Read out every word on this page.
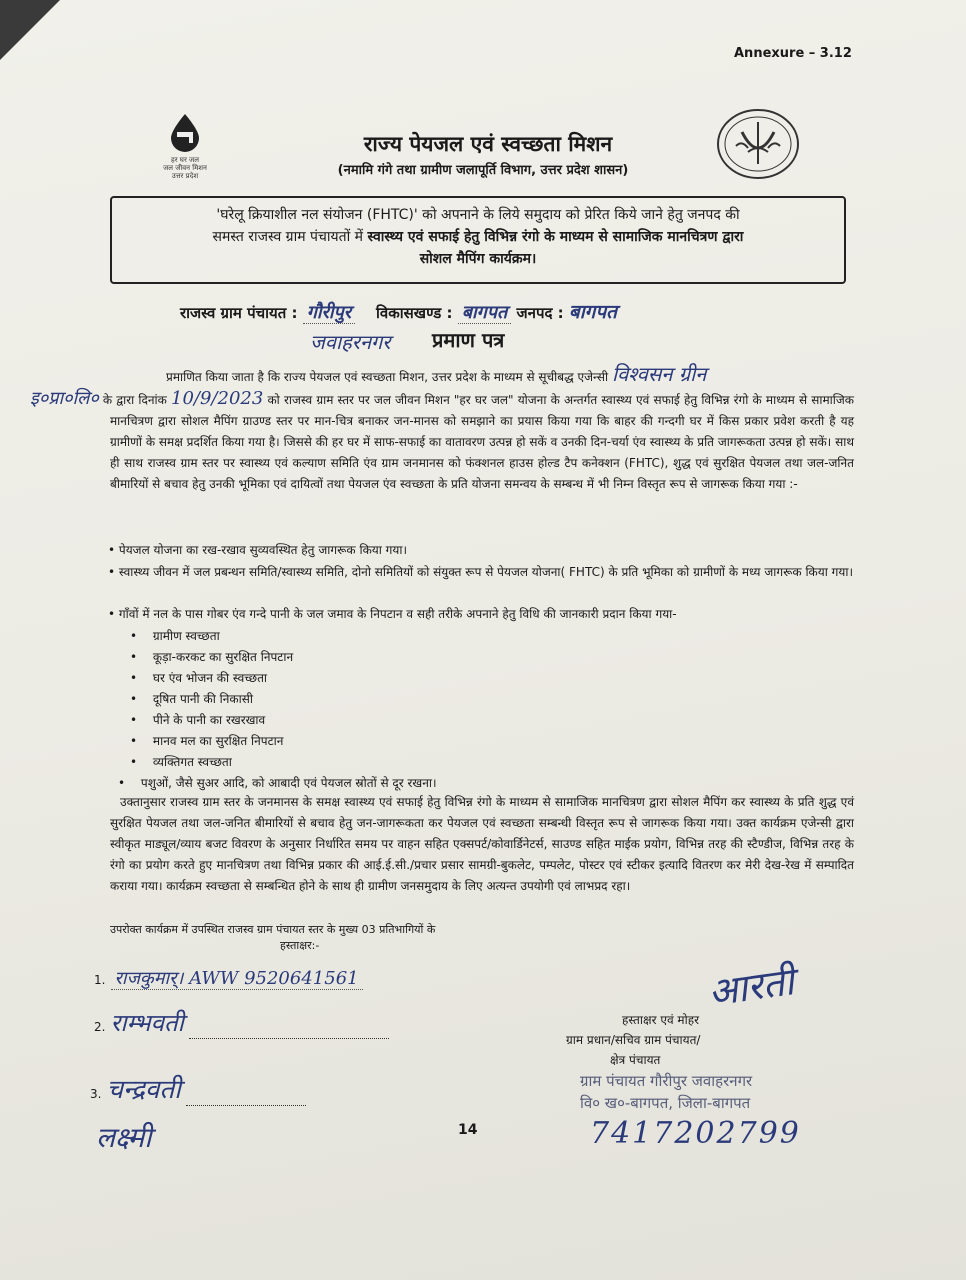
Annexure – 3.12
हर घर जल
जल जीवन मिशन
उत्तर प्रदेश
राज्य पेयजल एवं स्वच्छता मिशन
(नमामि गंगे तथा ग्रामीण जलापूर्ति विभाग, उत्तर प्रदेश शासन)
'घरेलू क्रियाशील नल संयोजन (FHTC)' को अपनाने के लिये समुदाय को प्रेरित किये जाने हेतु जनपद की
समस्त राजस्व ग्राम पंचायतों में स्वास्थ्य एवं सफाई हेतु विभिन्न रंगो के माध्यम से सामाजिक मानचित्रण द्वारा
सोशल मैपिंग कार्यक्रम।
राजस्व ग्राम पंचायत : गौरीपुर विकासखण्ड : बागपत जनपद : बागपत
जवाहरनगर प्रमाण पत्र
प्रमाणित किया जाता है कि राज्य पेयजल एवं स्वच्छता मिशन, उत्तर प्रदेश के माध्यम से सूचीबद्ध एजेन्सी विश्वसन ग्रीन
इ०प्रा०लि० के द्वारा दिनांक 10/9/2023 को राजस्व ग्राम स्तर पर जल जीवन मिशन "हर घर जल" योजना के अन्तर्गत स्वास्थ्य एवं सफाई हेतु विभिन्न रंगो के माध्यम से सामाजिक मानचित्रण द्वारा सोशल मैपिंग ग्राउण्ड स्तर पर मान-चित्र बनाकर जन-मानस को समझाने का प्रयास किया गया कि बाहर की गन्दगी घर में किस प्रकार प्रवेश करती है यह ग्रामीणों के समक्ष प्रदर्शित किया गया है। जिससे की हर घर में साफ-सफाई का वातावरण उत्पन्न हो सकें व उनकी दिन-चर्या एंव स्वास्थ्य के प्रति जागरूकता उत्पन्न हो सकें। साथ ही साथ राजस्व ग्राम स्तर पर स्वास्थ्य एवं कल्याण समिति एंव ग्राम जनमानस को फंक्शनल हाउस होल्ड टैप कनेक्शन (FHTC), शुद्ध एवं सुरक्षित पेयजल तथा जल-जनित बीमारियों से बचाव हेतु उनकी भूमिका एवं दायित्वों तथा पेयजल एंव स्वच्छता के प्रति योजना समन्वय के सम्बन्ध में भी निम्न विस्तृत रूप से जागरूक किया गया :-
• पेयजल योजना का रख-रखाव सुव्यवस्थित हेतु जागरूक किया गया।
• स्वास्थ्य जीवन में जल प्रबन्धन समिति/स्वास्थ्य समिति, दोनो समितियों को संयुक्त रूप से पेयजल योजना( FHTC) के प्रति भूमिका को ग्रामीणों के मध्य जागरूक किया गया।
• गाँवों में नल के पास गोबर एंव गन्दे पानी के जल जमाव के निपटान व सही तरीके अपनाने हेतु विधि की जानकारी प्रदान किया गया-
• ग्रामीण स्वच्छता
• कूड़ा-करकट का सुरक्षित निपटान
• घर एंव भोजन की स्वच्छता
• दूषित पानी की निकासी
• पीने के पानी का रखरखाव
• मानव मल का सुरक्षित निपटान
• व्यक्तिगत स्वच्छता
• पशुओं, जैसे सुअर आदि, को आबादी एवं पेयजल स्रोतों से दूर रखना।
उक्तानुसार राजस्व ग्राम स्तर के जनमानस के समक्ष स्वास्थ्य एवं सफाई हेतु विभिन्न रंगो के माध्यम से सामाजिक मानचित्रण द्वारा सोशल मैपिंग कर स्वास्थ्य के प्रति शुद्ध एवं सुरक्षित पेयजल तथा जल-जनित बीमारियों से बचाव हेतु जन-जागरूकता कर पेयजल एवं स्वच्छता सम्बन्धी विस्तृत रूप से जागरूक किया गया। उक्त कार्यक्रम एजेन्सी द्वारा स्वीकृत माड्यूल/व्याय बजट विवरण के अनुसार निर्धारित समय पर वाहन सहित एक्सपर्ट/कोवार्डिनेटर्स, साउण्ड सहित माईक प्रयोग, विभिन्न तरह की स्टैण्डीज, विभिन्न तरह के रंगो का प्रयोग करते हुए मानचित्रण तथा विभिन्न प्रकार की आई.ई.सी./प्रचार प्रसार सामग्री-बुकलेट, पम्पलेट, पोस्टर एवं स्टीकर इत्यादि वितरण कर मेरी देख-रेख में सम्पादित कराया गया। कार्यक्रम स्वच्छता से सम्बन्धित होने के साथ ही ग्रामीण जनसमुदाय के लिए अत्यन्त उपयोगी एवं लाभप्रद रहा।
उपरोक्त कार्यक्रम में उपस्थित राजस्व ग्राम पंचायत स्तर के मुख्य 03 प्रतिभागियों के
हस्ताक्षर:-
1. राजकुमार्। AWW 9520641561
2. राम्भवती
3. चन्द्रवती
लक्ष्मी
आरती
हस्ताक्षर एवं मोहर
ग्राम प्रधान/सचिव ग्राम पंचायत/
क्षेत्र पंचायत
ग्राम पंचायत गौरीपुर जवाहरनगर
वि० ख०-बागपत, जिला-बागपत
7417202799
14
